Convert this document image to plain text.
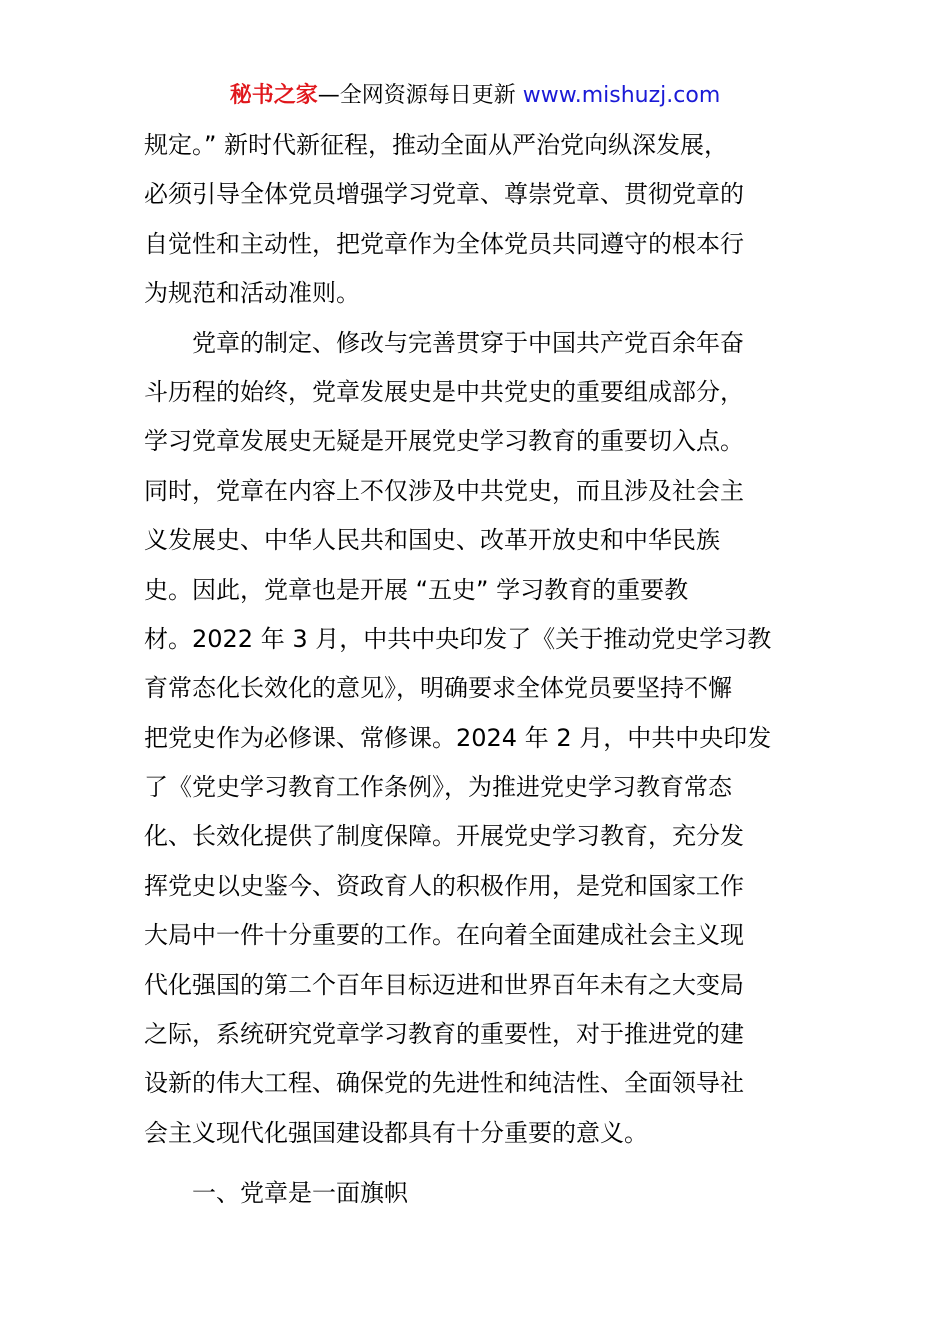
秘书之家—全网资源每日更新 www.mishuzj.com
规定。” 新时代新征程，推动全面从严治党向纵深发展，
必须引导全体党员增强学习党章、尊崇党章、贯彻党章的
自觉性和主动性，把党章作为全体党员共同遵守的根本行
为规范和活动准则。
党章的制定、修改与完善贯穿于中国共产党百余年奋
斗历程的始终，党章发展史是中共党史的重要组成部分，
学习党章发展史无疑是开展党史学习教育的重要切入点。
同时，党章在内容上不仅涉及中共党史，而且涉及社会主
义发展史、中华人民共和国史、改革开放史和中华民族
史。因此，党章也是开展 “五史” 学习教育的重要教
材。2022 年 3 月，中共中央印发了《关于推动党史学习教
育常态化长效化的意见》，明确要求全体党员要坚持不懈
把党史作为必修课、常修课。2024 年 2 月，中共中央印发
了《党史学习教育工作条例》，为推进党史学习教育常态
化、长效化提供了制度保障。开展党史学习教育，充分发
挥党史以史鉴今、资政育人的积极作用，是党和国家工作
大局中一件十分重要的工作。在向着全面建成社会主义现
代化强国的第二个百年目标迈进和世界百年未有之大变局
之际，系统研究党章学习教育的重要性，对于推进党的建
设新的伟大工程、确保党的先进性和纯洁性、全面领导社
会主义现代化强国建设都具有十分重要的意义。
一、党章是一面旗帜
